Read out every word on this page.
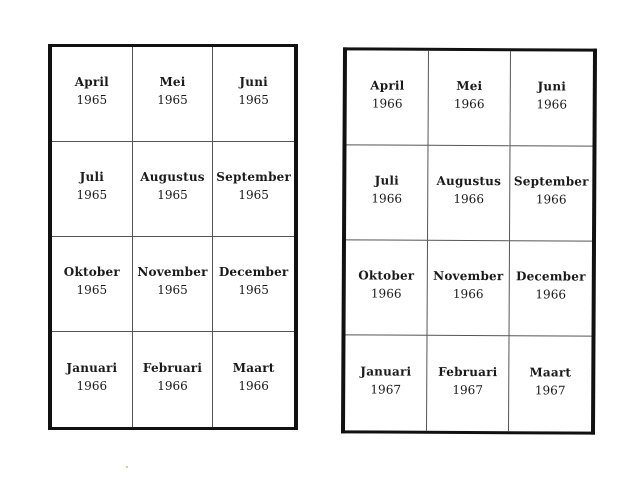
April
1965
Mei
1965
Juni
1965
Juli
1965
Augustus
1965
September
1965
Oktober
1965
November
1965
December
1965
Januari
1966
Februari
1966
Maart
1966
April
1966
Mei
1966
Juni
1966
Juli
1966
Augustus
1966
September
1966
Oktober
1966
November
1966
December
1966
Januari
1967
Februari
1967
Maart
1967
